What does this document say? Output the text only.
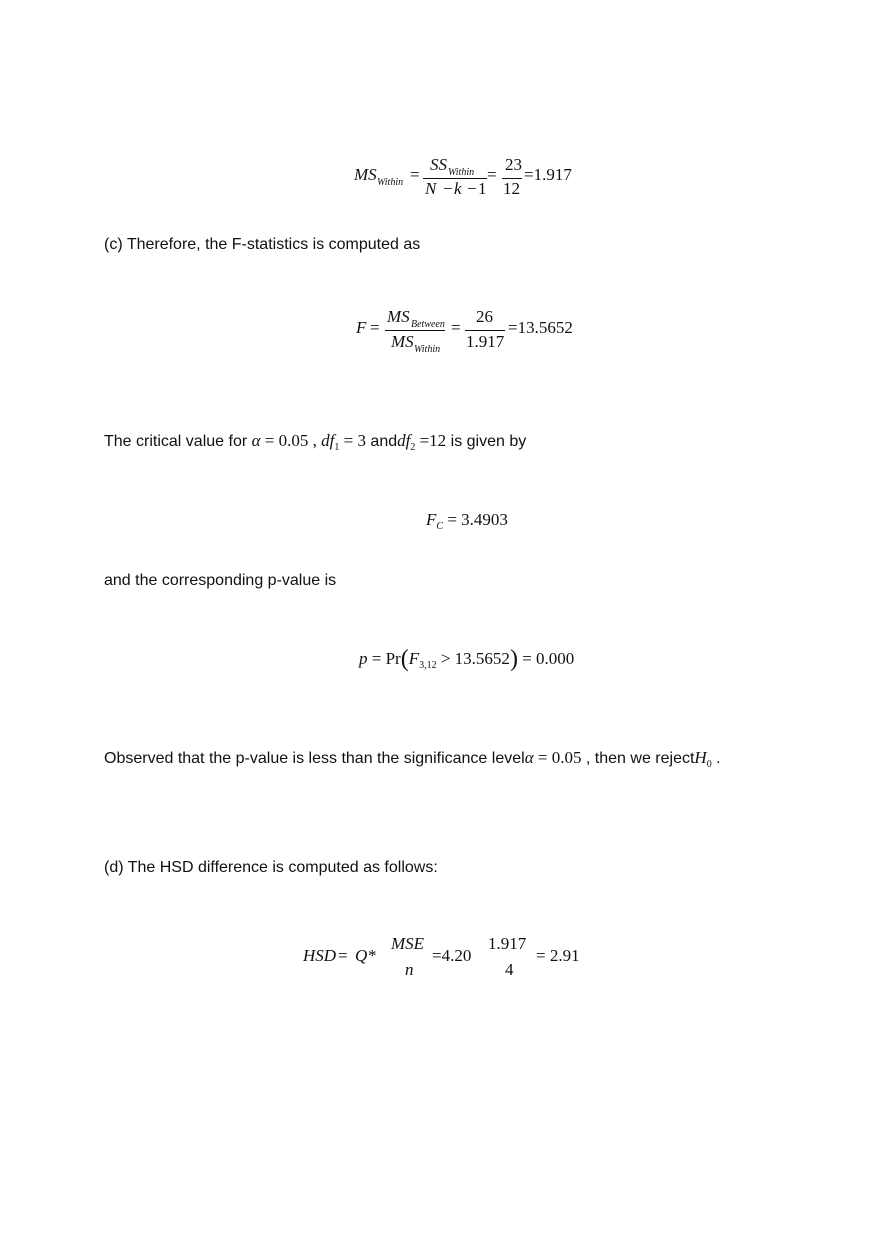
MS Within =
SS Within
N − k − 1
=
23
12
=1.917
(c) Therefore, the F-statistics is computed as
F =
MS Between
MS Within
=
26
1.917
=13.5652
The critical value for α = 0.05 , $df_1 = 3$ anddf$_2$ =12 is given by
$F_C = 3.4903$
and the corresponding p-value is
$p = Pr(F_{3,12} > 13.5652) = 0.000$
Observed that the p-value is less than the significance levelα = 0.05 , then we rejectH$_0$ .
(d) The HSD difference is computed as follows:
HSD = Q *
MSE
n
=4.20
1.917
4
= 2.91
